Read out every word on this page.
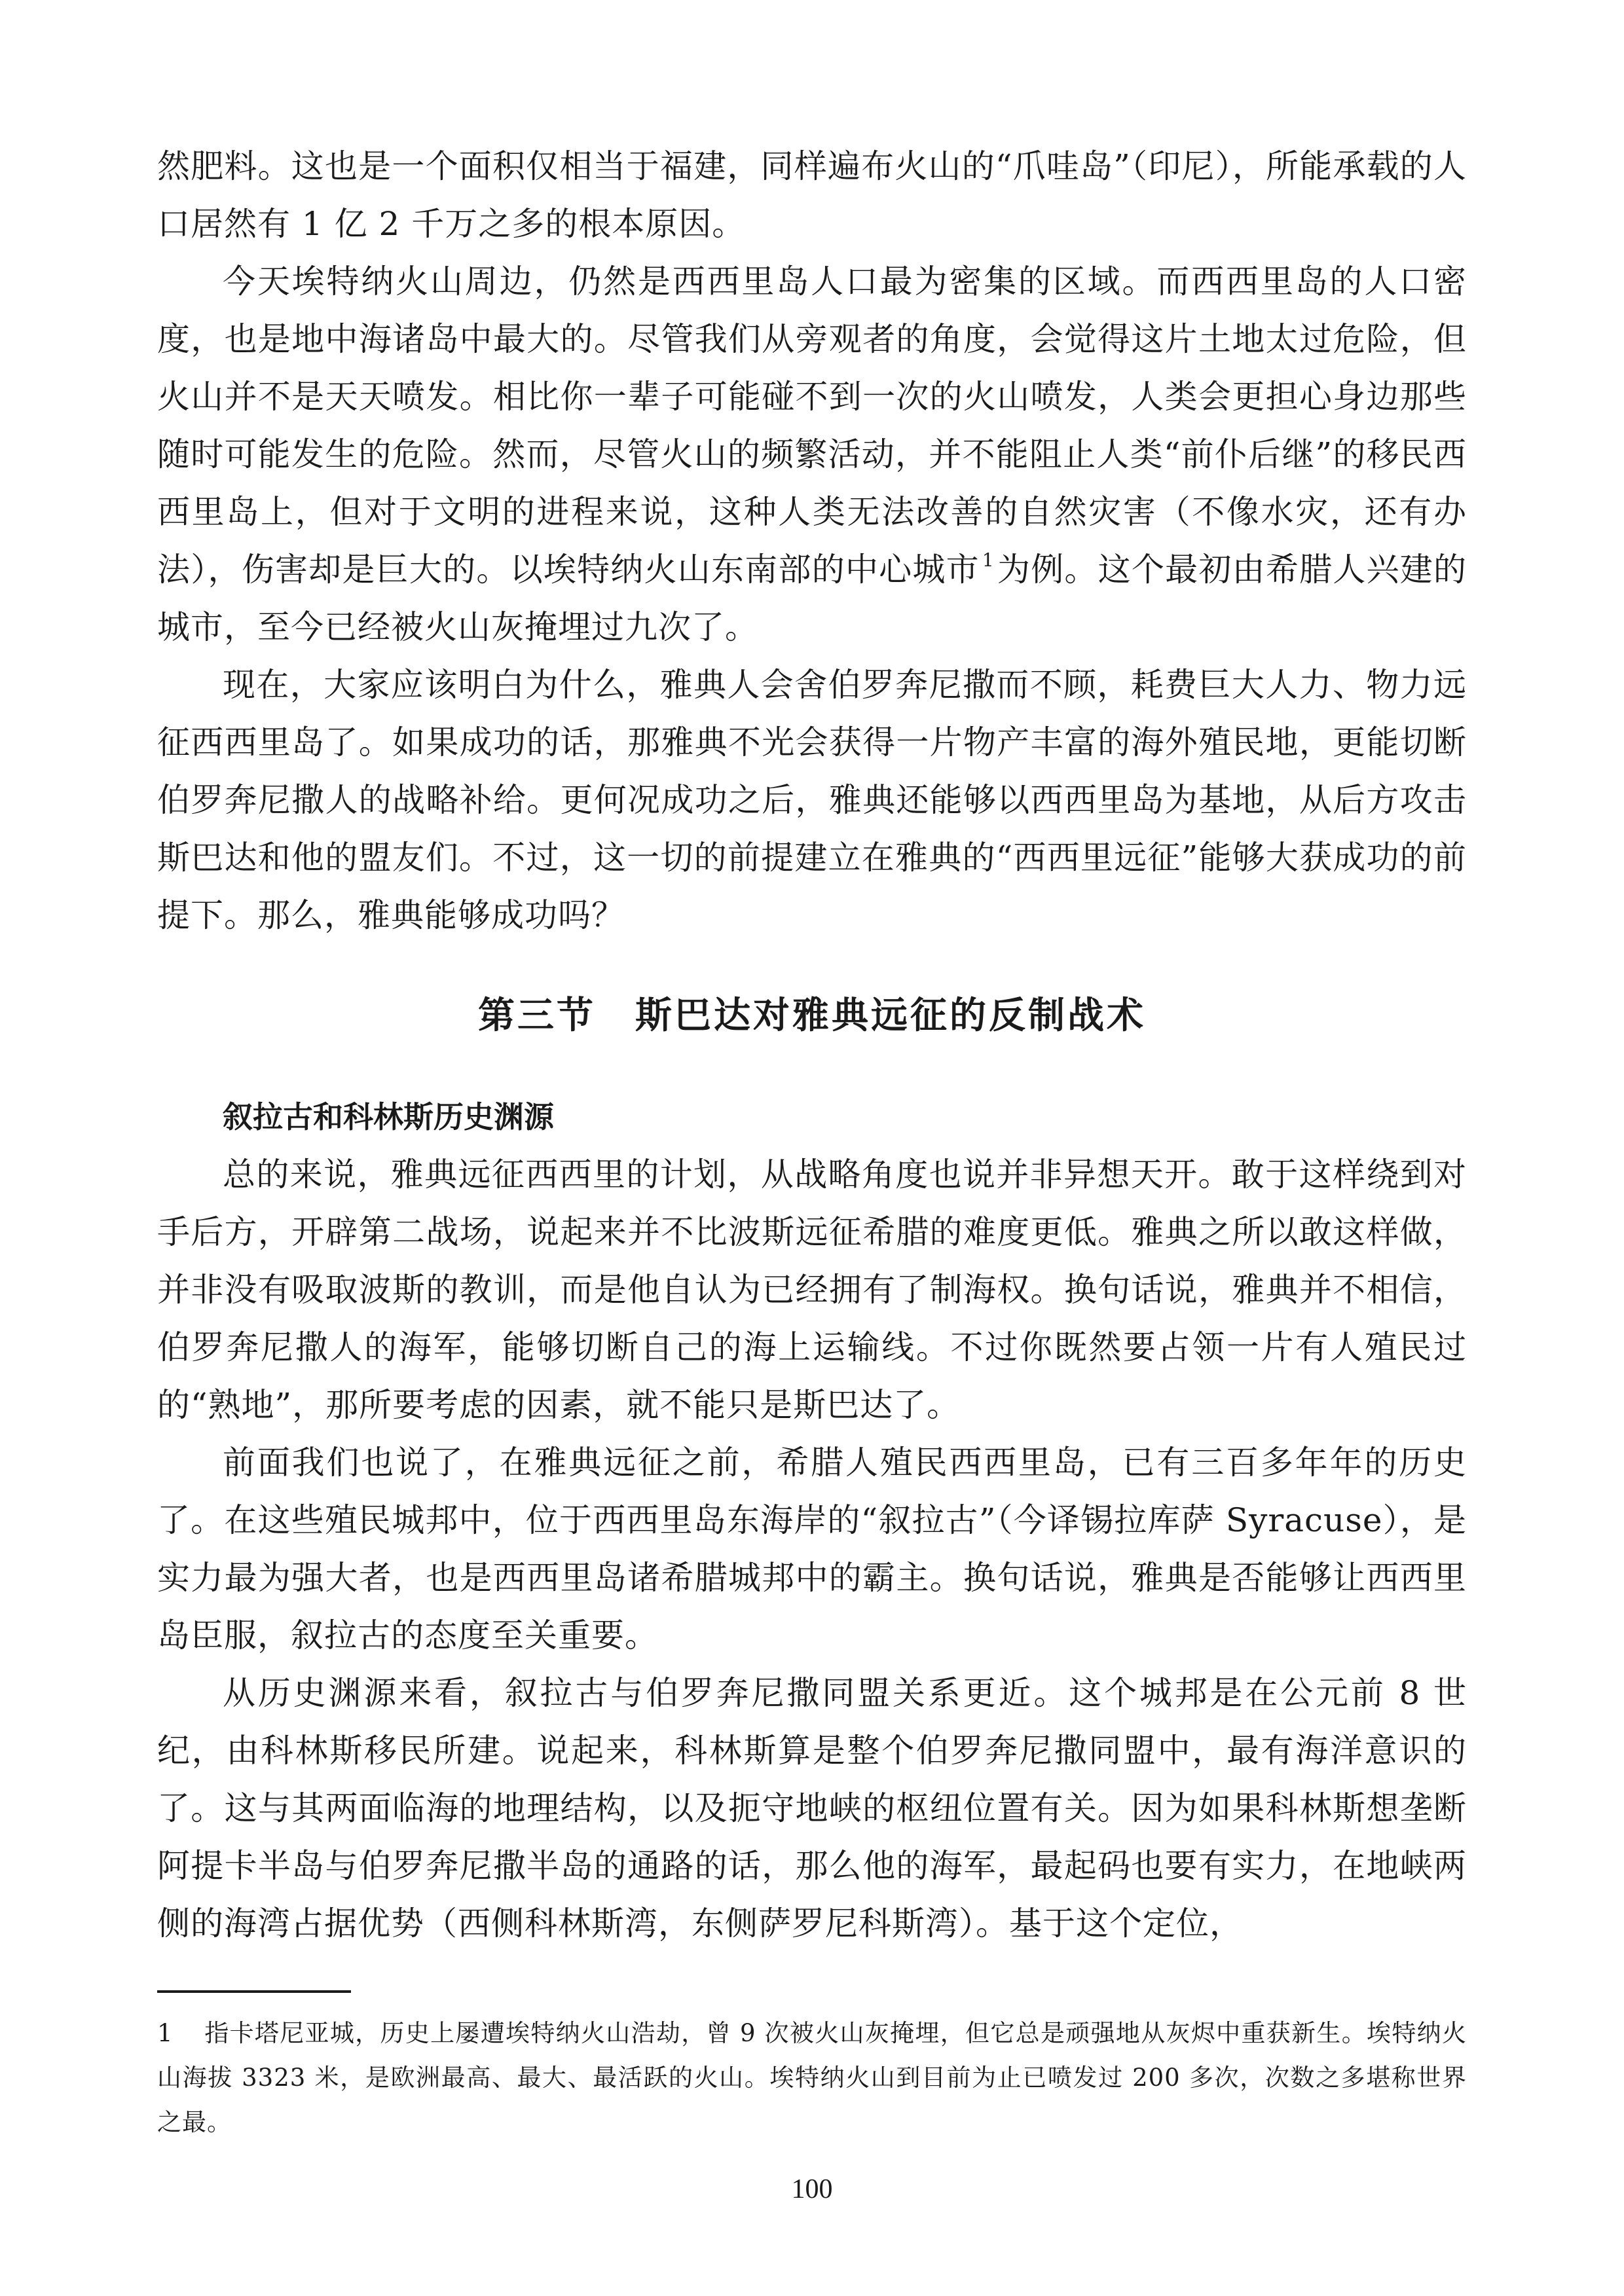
然肥料。这也是一个面积仅相当于福建，同样遍布火山的“爪哇岛”（印尼），所能承载的人口居然有 1 亿 2 千万之多的根本原因。

今天埃特纳火山周边，仍然是西西里岛人口最为密集的区域。而西西里岛的人口密度，也是地中海诸岛中最大的。尽管我们从旁观者的角度，会觉得这片土地太过危险，但火山并不是天天喷发。相比你一辈子可能碰不到一次的火山喷发，人类会更担心身边那些随时可能发生的危险。然而，尽管火山的频繁活动，并不能阻止人类“前仆后继”的移民西西里岛上，但对于文明的进程来说，这种人类无法改善的自然灾害（不像水灾，还有办法），伤害却是巨大的。以埃特纳火山东南部的中心城市 $^1$为例。这个最初由希腊人兴建的城市，至今已经被火山灰掩埋过九次了。

现在，大家应该明白为什么，雅典人会舍伯罗奔尼撒而不顾，耗费巨大人力、物力远征西西里岛了。如果成功的话，那雅典不光会获得一片物产丰富的海外殖民地，更能切断伯罗奔尼撒人的战略补给。更何况成功之后，雅典还能够以西西里岛为基地，从后方攻击斯巴达和他的盟友们。不过，这一切的前提建立在雅典的“西西里远征”能够大获成功的前提下。那么，雅典能够成功吗？

第三节　斯巴达对雅典远征的反制战术
叙拉古和科林斯历史渊源

总的来说，雅典远征西西里的计划，从战略角度也说并非异想天开。敢于这样绕到对手后方，开辟第二战场，说起来并不比波斯远征希腊的难度更低。雅典之所以敢这样做，并非没有吸取波斯的教训，而是他自认为已经拥有了制海权。换句话说，雅典并不相信，伯罗奔尼撒人的海军，能够切断自己的海上运输线。不过你既然要占领一片有人殖民过的“熟地”，那所要考虑的因素，就不能只是斯巴达了。

前面我们也说了，在雅典远征之前，希腊人殖民西西里岛，已有三百多年年的历史了。在这些殖民城邦中，位于西西里岛东海岸的“叙拉古”（今译锡拉库萨 Syracuse），是实力最为强大者，也是西西里岛诸希腊城邦中的霸主。换句话说，雅典是否能够让西西里岛臣服，叙拉古的态度至关重要。

从历史渊源来看，叙拉古与伯罗奔尼撒同盟关系更近。这个城邦是在公元前 8 世纪，由科林斯移民所建。说起来，科林斯算是整个伯罗奔尼撒同盟中，最有海洋意识的了。这与其两面临海的地理结构，以及扼守地峡的枢纽位置有关。因为如果科林斯想垄断阿提卡半岛与伯罗奔尼撒半岛的通路的话，那么他的海军，最起码也要有实力，在地峡两侧的海湾占据优势（西侧科林斯湾，东侧萨罗尼科斯湾）。基于这个定位，

1 指卡塔尼亚城，历史上屡遭埃特纳火山浩劫，曾 9 次被火山灰掩埋，但它总是顽强地从灰烬中重获新生。埃特纳火山海拔 3323 米，是欧洲最高、最大、最活跃的火山。埃特纳火山到目前为止已喷发过 200 多次，次数之多堪称世界之最。
100
